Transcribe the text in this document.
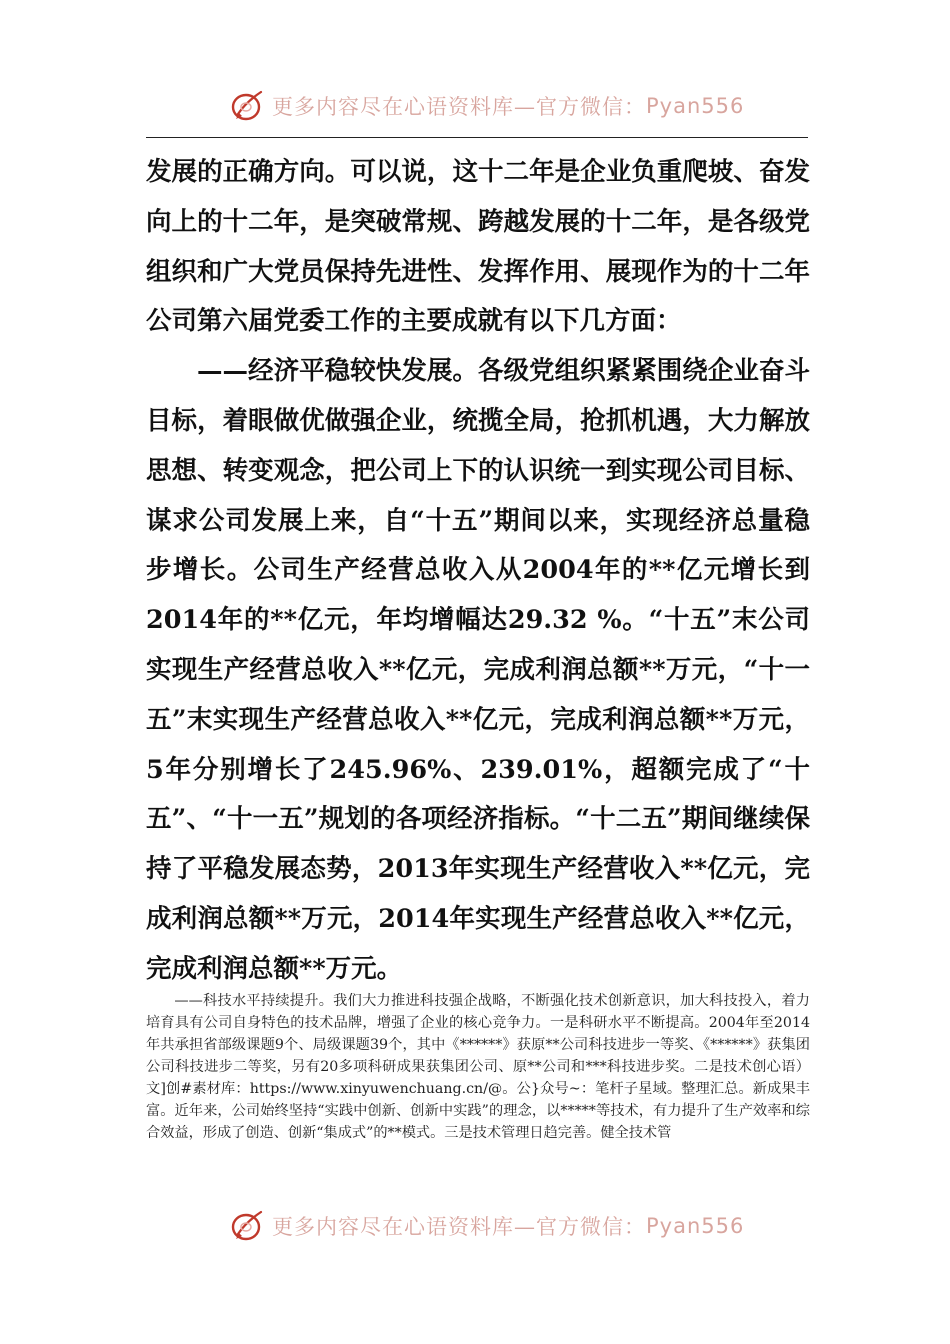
更多内容尽在心语资料库—官方微信： Pyan556

发展的正确方向。可以说，这十二年是企业负重爬坡、奋发向上的十二年，是突破常规、跨越发展的十二年，是各级党组织和广大党员保持先进性、发挥作用、展现作为的十二年公司第六届党委工作的主要成就有以下几方面：

——经济平稳较快发展。各级党组织紧紧围绕企业奋斗目标，着眼做优做强企业，统揽全局，抢抓机遇，大力解放思想、转变观念，把公司上下的认识统一到实现公司目标、谋求公司发展上来，自“十五”期间以来，实现经济总量稳步增长。公司生产经营总收入从2004年的**亿元增长到2014年的**亿元，年均增幅达29.32 %。“十五”末公司实现生产经营总收入**亿元，完成利润总额**万元，“十一五”末实现生产经营总收入**亿元，完成利润总额**万元，5年分别增长了245.96%、239.01%，超额完成了“十五”、“十一五”规划的各项经济指标。“十二五”期间继续保持了平稳发展态势，2013年实现生产经营收入**亿元，完成利润总额**万元，2014年实现生产经营总收入**亿元，完成利润总额**万元。

——科技水平持续提升。我们大力推进科技强企战略，不断强化技术创新意识，加大科技投入，着力培育具有公司自身特色的技术品牌，增强了企业的核心竞争力。一是科研水平不断提高。2004年至2014年共承担省部级课题9个、局级课题39个，其中《******》获原**公司科技进步一等奖、《******》获集团公司科技进步二等奖，另有20多项科研成果获集团公司、原**公司和***科技进步奖。二是技术创心语）文]创#素材库：https://www.xinyuwenchuang.cn/@。公}众号~：笔杆子星域。整理汇总。新成果丰富。近年来，公司始终坚持“实践中创新、创新中实践”的理念，以*****等技术，有力提升了生产效率和综合效益，形成了创造、创新“集成式”的**模式。三是技术管理日趋完善。健全技术管

更多内容尽在心语资料库—官方微信： Pyan556
